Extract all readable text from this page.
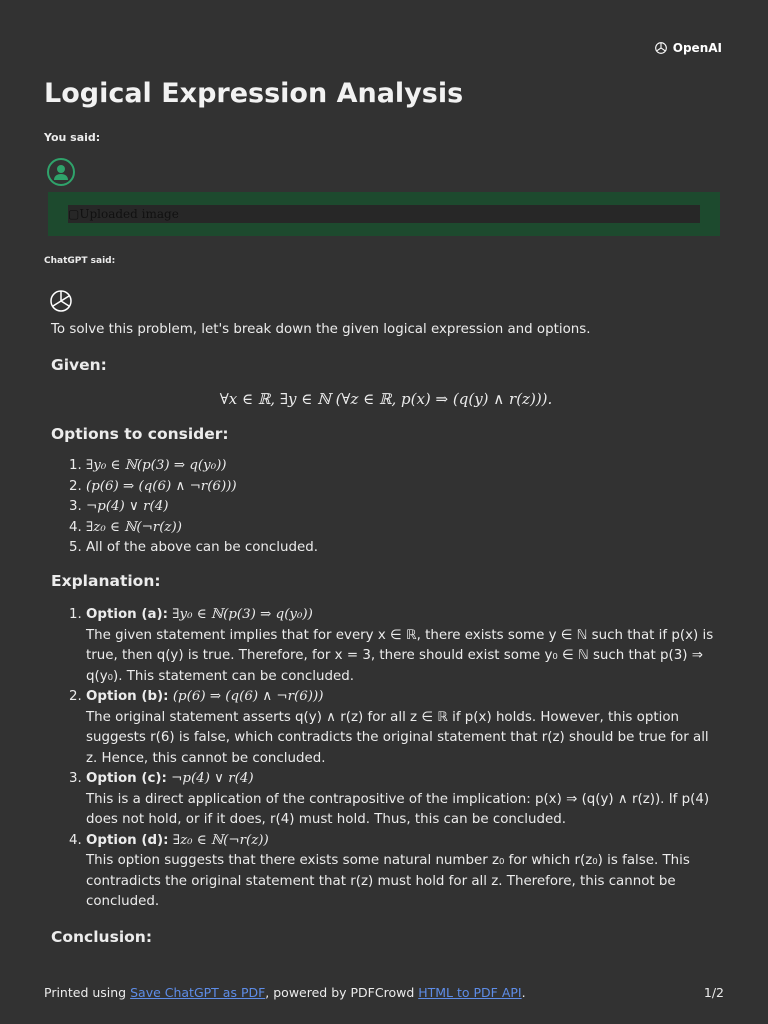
OpenAI
Logical Expression Analysis
You said:
▢Uploaded image
ChatGPT said:

To solve this problem, let's break down the given logical expression and options.

Given:

∀x ∈ ℝ, ∃y ∈ ℕ (∀z ∈ ℝ, p(x) ⇒ (q(y) ∧ r(z))).

Options to consider:
1. ∃y₀ ∈ ℕ(p(3) ⇒ q(y₀))
2. (p(6) ⇒ (q(6) ∧ ¬r(6)))
3. ¬p(4) ∨ r(4)
4. ∃z₀ ∈ ℕ(¬r(z))
5. All of the above can be concluded.
Explanation:
1. Option (a): ∃y₀ ∈ ℕ(p(3) ⇒ q(y₀))
The given statement implies that for every x ∈ ℝ, there exists some y ∈ ℕ such that if p(x) is true, then q(y) is true. Therefore, for x = 3, there should exist some y₀ ∈ ℕ such that p(3) ⇒ q(y₀). This statement can be concluded.
2. Option (b): (p(6) ⇒ (q(6) ∧ ¬r(6)))
The original statement asserts q(y) ∧ r(z) for all z ∈ ℝ if p(x) holds. However, this option suggests r(6) is false, which contradicts the original statement that r(z) should be true for all z. Hence, this cannot be concluded.
3. Option (c): ¬p(4) ∨ r(4)
This is a direct application of the contrapositive of the implication: p(x) ⇒ (q(y) ∧ r(z)). If p(4) does not hold, or if it does, r(4) must hold. Thus, this can be concluded.
4. Option (d): ∃z₀ ∈ ℕ(¬r(z))
This option suggests that there exists some natural number z₀ for which r(z₀) is false. This contradicts the original statement that r(z) must hold for all z. Therefore, this cannot be concluded.
Conclusion:
Printed using Save ChatGPT as PDF, powered by PDFCrowd HTML to PDF API.	1/2
